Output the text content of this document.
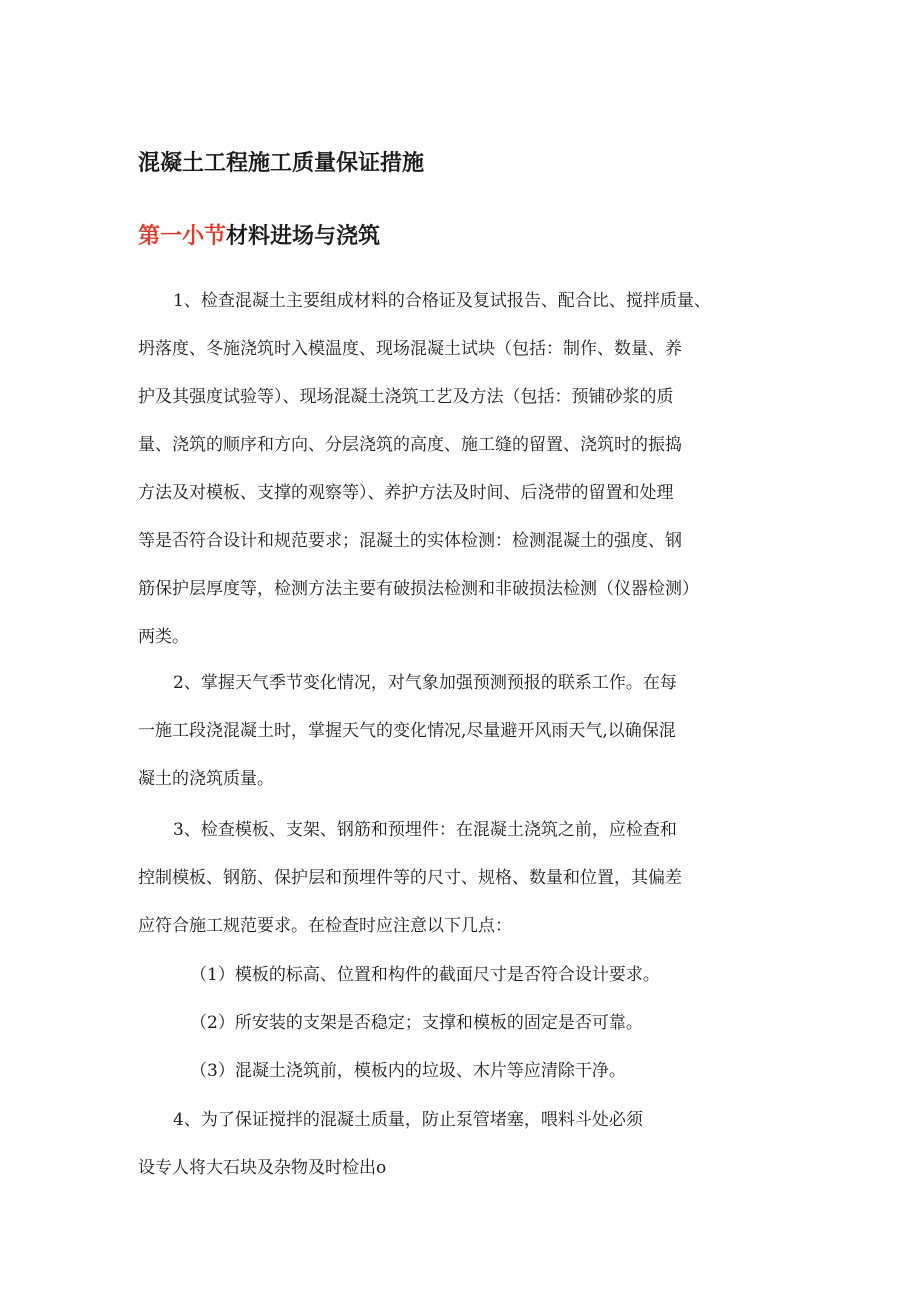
混凝土工程施工质量保证措施
第一小节材料进场与浇筑

1、检查混凝土主要组成材料的合格证及复试报告、配合比、搅拌质量、
坍落度、冬施浇筑时入模温度、现场混凝土试块（包括：制作、数量、养
护及其强度试验等）、现场混凝土浇筑工艺及方法（包括：预铺砂浆的质
量、浇筑的顺序和方向、分层浇筑的高度、施工缝的留置、浇筑时的振捣
方法及对模板、支撑的观察等）、养护方法及时间、后浇带的留置和处理
等是否符合设计和规范要求；混凝土的实体检测：检测混凝土的强度、钢
筋保护层厚度等，检测方法主要有破损法检测和非破损法检测（仪器检测）
两类。

2、掌握天气季节变化情况，对气象加强预测预报的联系工作。在每
一施工段浇混凝土时，掌握天气的变化情况,尽量避开风雨天气,以确保混
凝土的浇筑质量。

3、检查模板、支架、钢筋和预埋件：在混凝土浇筑之前，应检查和
控制模板、钢筋、保护层和预埋件等的尺寸、规格、数量和位置，其偏差
应符合施工规范要求。在检查时应注意以下几点：

（1）模板的标高、位置和构件的截面尺寸是否符合设计要求。
（2）所安装的支架是否稳定；支撑和模板的固定是否可靠。
（3）混凝土浇筑前，模板内的垃圾、木片等应清除干净。

4、为了保证搅拌的混凝土质量，防止泵管堵塞，喂料斗处必须

设专人将大石块及杂物及时检出o
